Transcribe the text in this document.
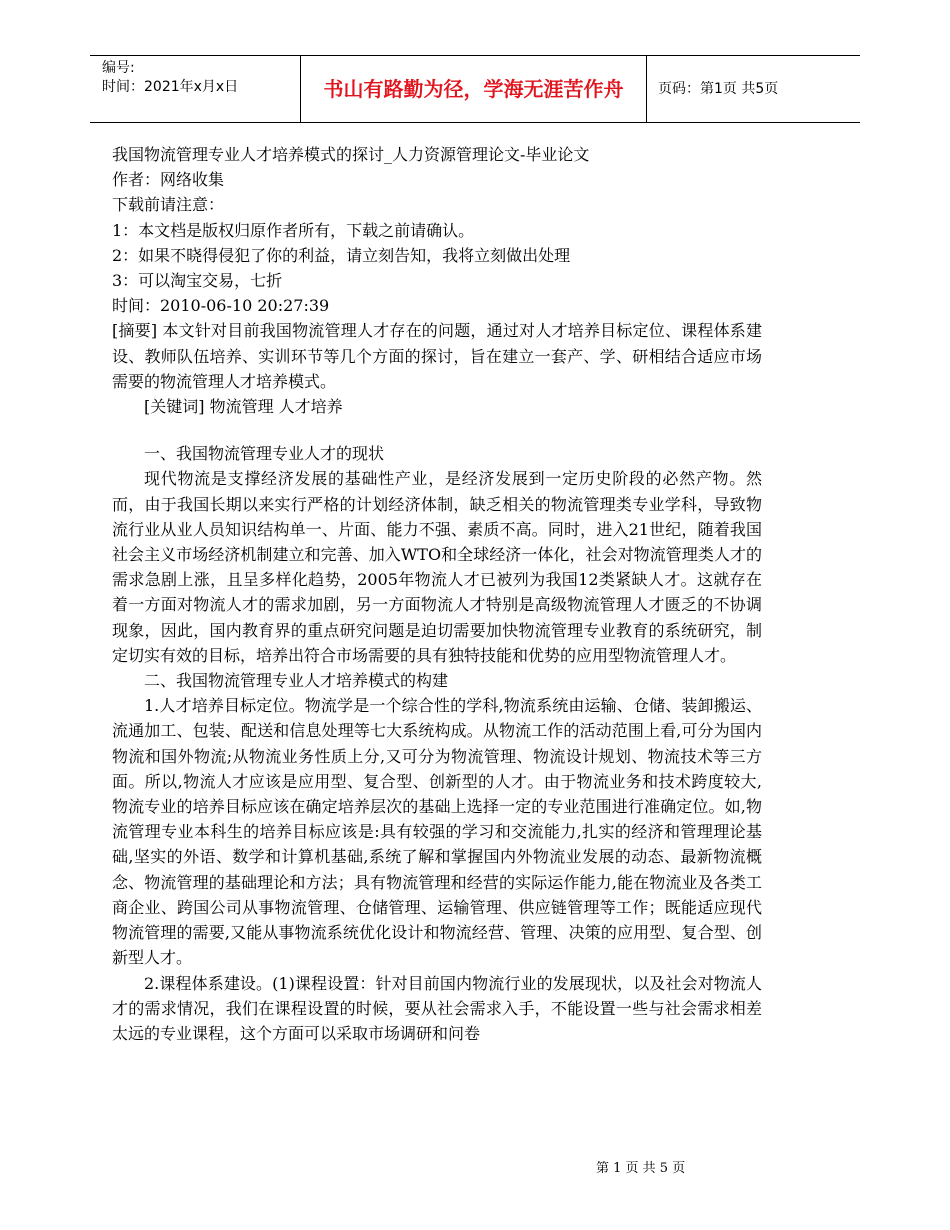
编号:
时间：2021年x月x日	书山有路勤为径，学海无涯苦作舟	页码：第1页 共5页
我国物流管理专业人才培养模式的探讨_人力资源管理论文-毕业论文
作者：网络收集
下载前请注意：
1：本文档是版权归原作者所有，下载之前请确认。
2：如果不晓得侵犯了你的利益，请立刻告知，我将立刻做出处理
3：可以淘宝交易，七折
时间：2010-06-10 20:27:39
[摘要] 本文针对目前我国物流管理人才存在的问题，通过对人才培养目标定位、课程体系建设、教师队伍培养、实训环节等几个方面的探讨，旨在建立一套产、学、研相结合适应市场需要的物流管理人才培养模式。
[关键词] 物流管理 人才培养
一、我国物流管理专业人才的现状
现代物流是支撑经济发展的基础性产业，是经济发展到一定历史阶段的必然产物。然而，由于我国长期以来实行严格的计划经济体制，缺乏相关的物流管理类专业学科，导致物流行业从业人员知识结构单一、片面、能力不强、素质不高。同时，进入21世纪，随着我国社会主义市场经济机制建立和完善、加入WTO和全球经济一体化，社会对物流管理类人才的需求急剧上涨，且呈多样化趋势，2005年物流人才已被列为我国12类紧缺人才。这就存在着一方面对物流人才的需求加剧，另一方面物流人才特别是高级物流管理人才匮乏的不协调现象，因此，国内教育界的重点研究问题是迫切需要加快物流管理专业教育的系统研究，制定切实有效的目标，培养出符合市场需要的具有独特技能和优势的应用型物流管理人才。
二、我国物流管理专业人才培养模式的构建
1.人才培养目标定位。物流学是一个综合性的学科,物流系统由运输、仓储、装卸搬运、流通加工、包装、配送和信息处理等七大系统构成。从物流工作的活动范围上看,可分为国内物流和国外物流;从物流业务性质上分,又可分为物流管理、物流设计规划、物流技术等三方面。所以,物流人才应该是应用型、复合型、创新型的人才。由于物流业务和技术跨度较大,物流专业的培养目标应该在确定培养层次的基础上选择一定的专业范围进行准确定位。如,物流管理专业本科生的培养目标应该是:具有较强的学习和交流能力,扎实的经济和管理理论基础,坚实的外语、数学和计算机基础,系统了解和掌握国内外物流业发展的动态、最新物流概念、物流管理的基础理论和方法；具有物流管理和经营的实际运作能力,能在物流业及各类工商企业、跨国公司从事物流管理、仓储管理、运输管理、供应链管理等工作；既能适应现代物流管理的需要,又能从事物流系统优化设计和物流经营、管理、决策的应用型、复合型、创新型人才。
2.课程体系建设。(1)课程设置：针对目前国内物流行业的发展现状，以及社会对物流人才的需求情况，我们在课程设置的时候，要从社会需求入手，不能设置一些与社会需求相差太远的专业课程，这个方面可以采取市场调研和问卷
第 1 页 共 5 页
